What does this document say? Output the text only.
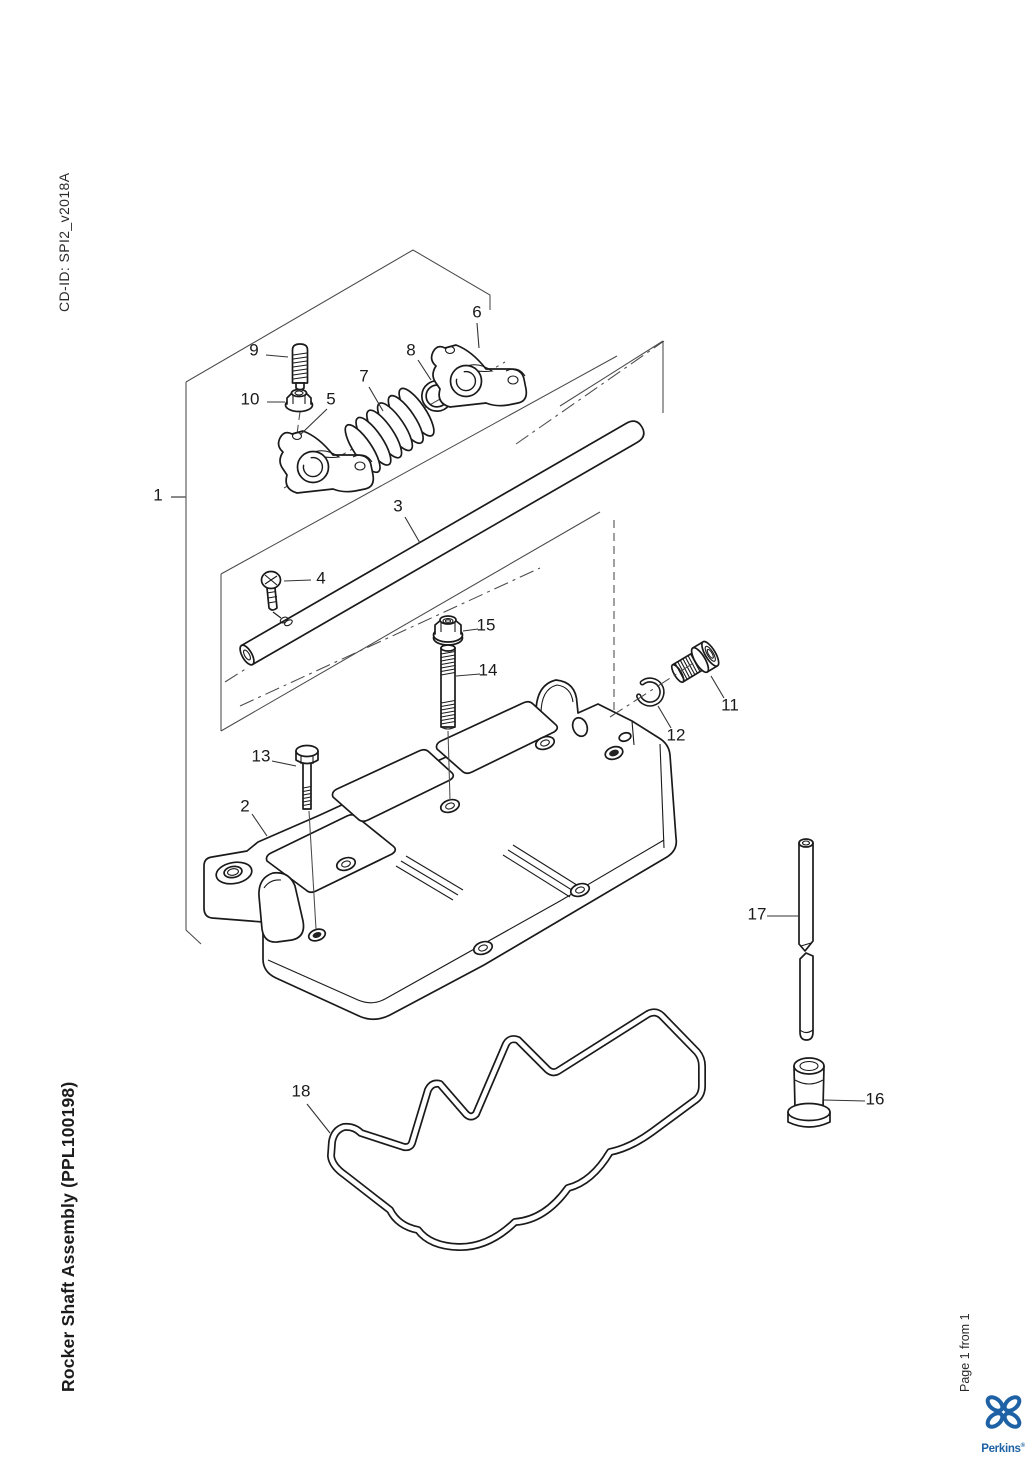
CD-ID: SPI2_v2018A
Rocker Shaft Assembly (PPL100198)	Page 1 from 1
1
2
3
4
5
6
7
8
9
10
11
12
13
14
15
16
17
18
Perkins®
